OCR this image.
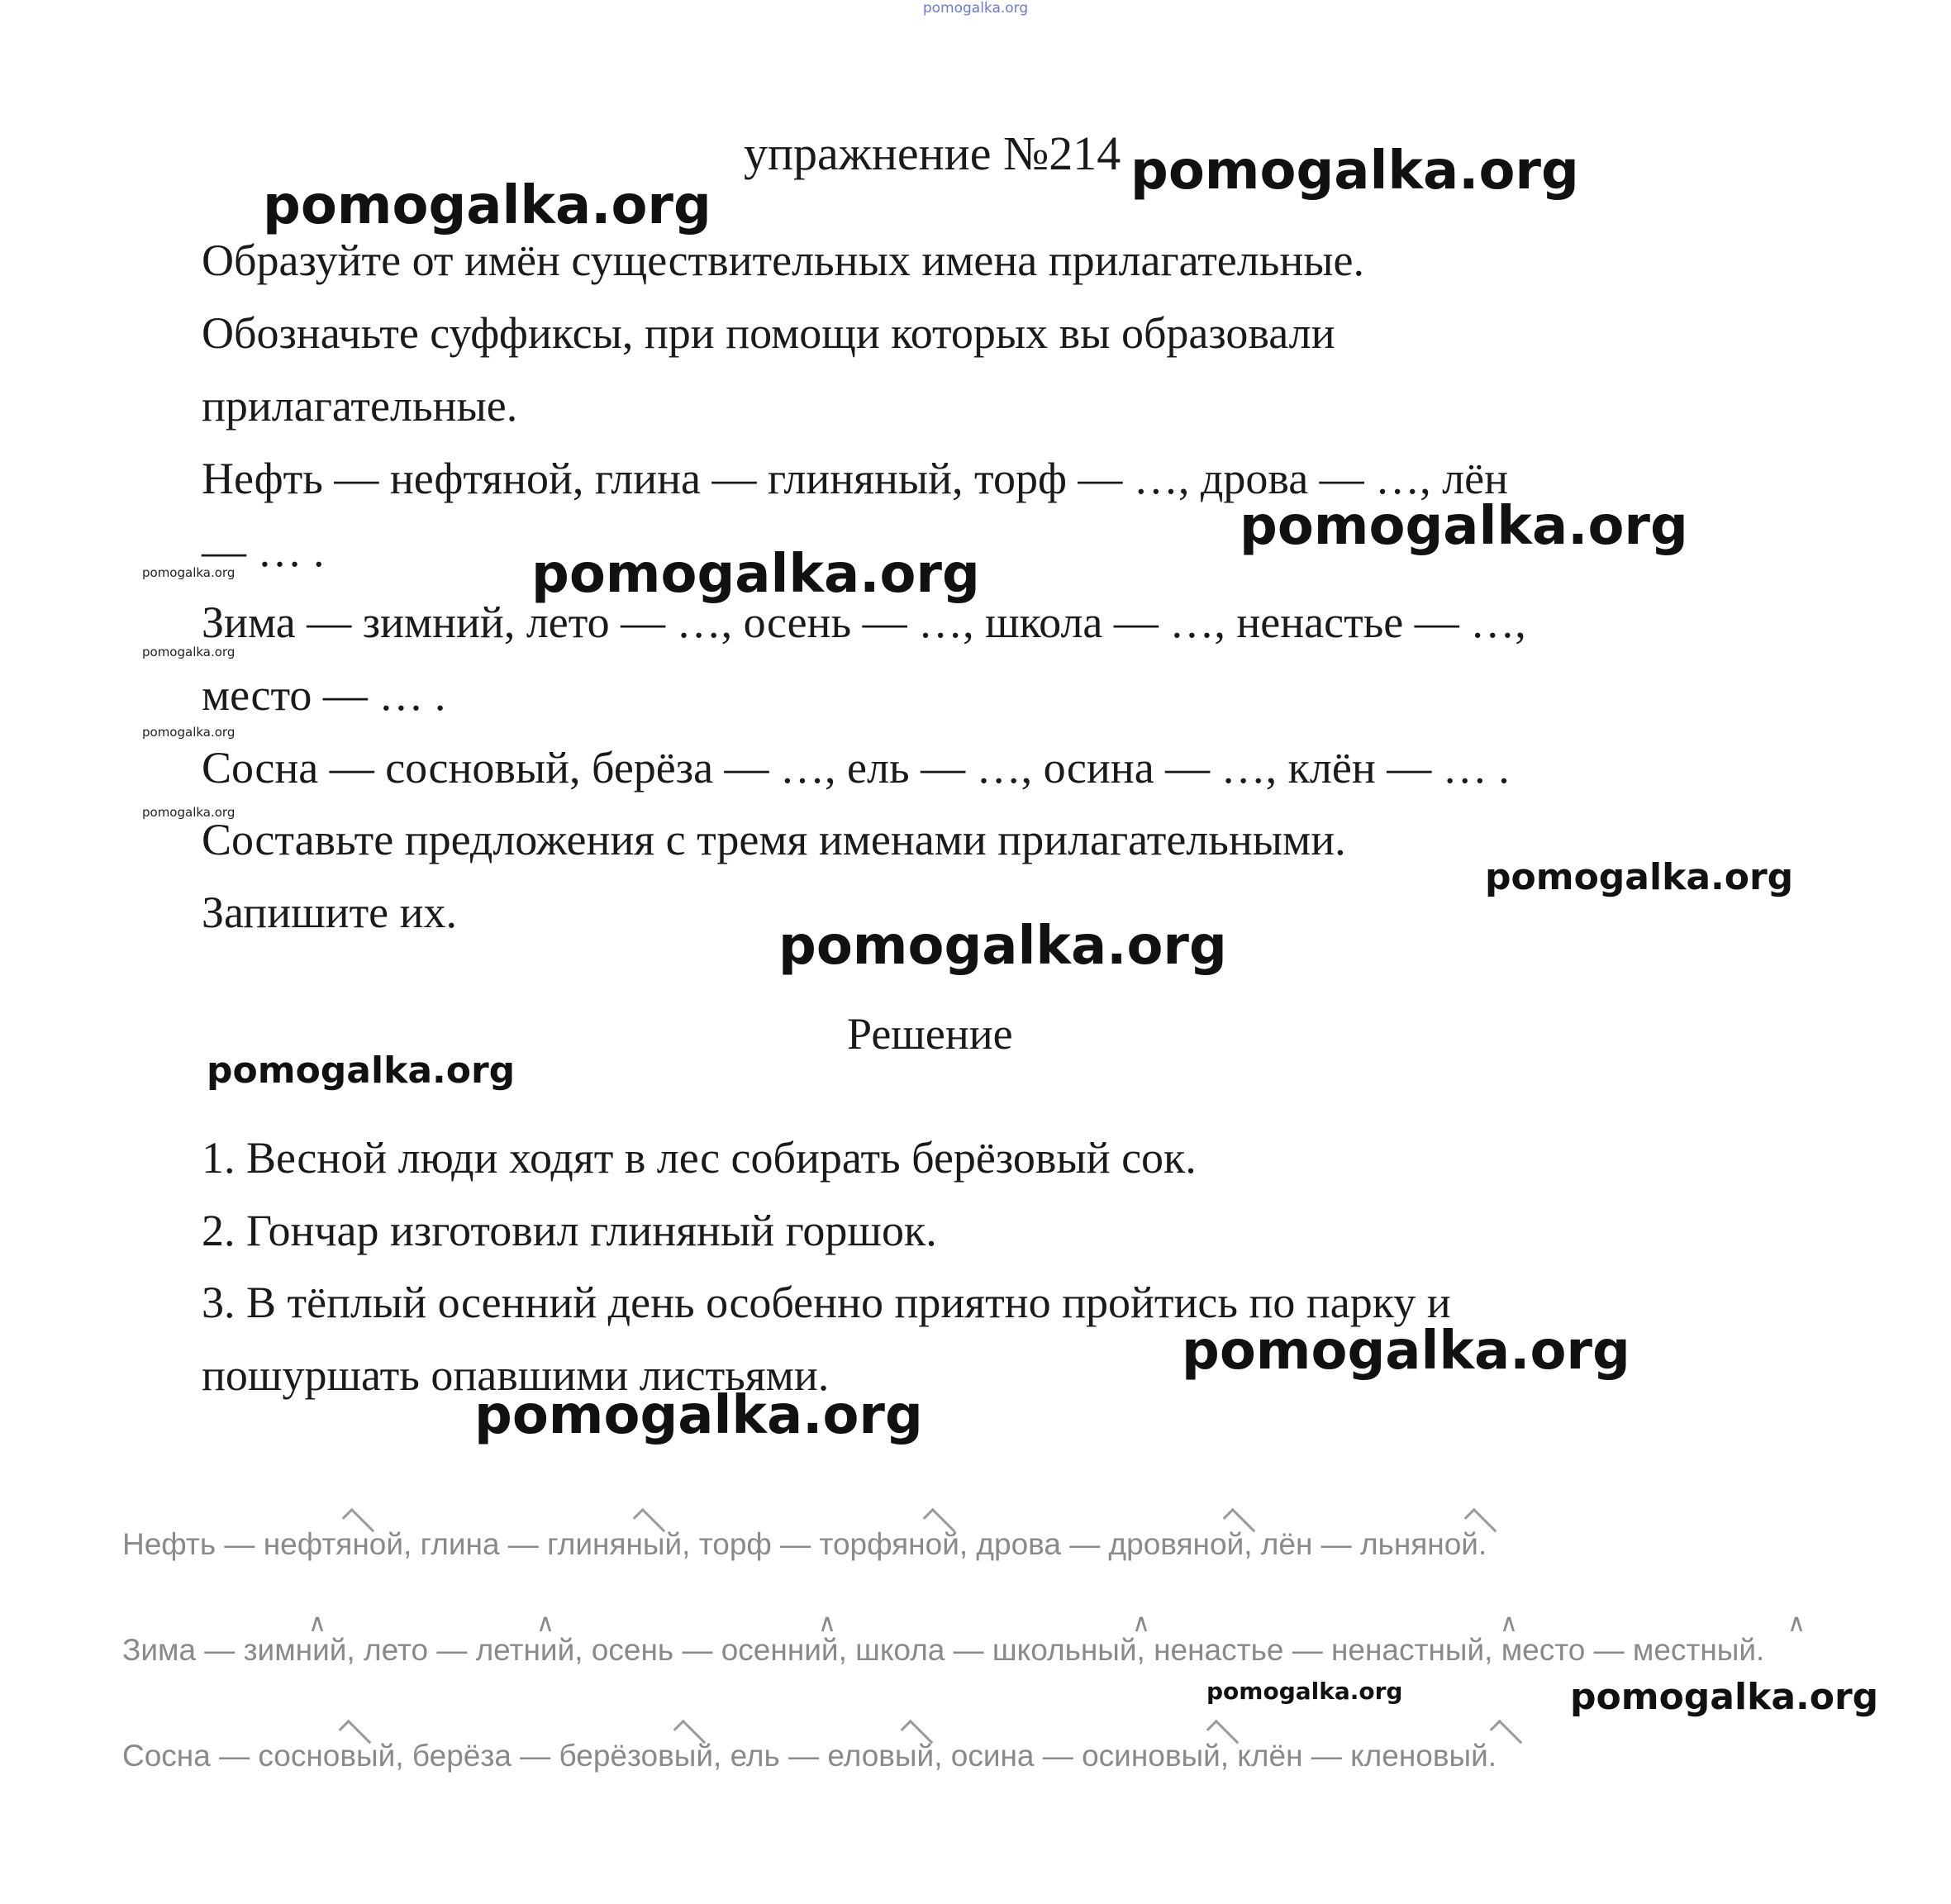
pomogalka.org
упражнение №214
Образуйте от имён существительных имена прилагательные.
Обозначьте суффиксы, при помощи которых вы образовали
прилагательные.
Нефть — нефтяной, глина — глиняный, торф — …, дрова — …, лён
— … .
Зима — зимний, лето — …, осень — …, школа — …, ненастье — …,
место — … .
Сосна — сосновый, берёза — …, ель — …, осина — …, клён — … .
Составьте предложения с тремя именами прилагательными.
Запишите их.
Решение
1. Весной люди ходят в лес собирать берёзовый сок.
2. Гончар изготовил глиняный горшок.
3. В тёплый осенний день особенно приятно пройтись по парку и
пошуршать опавшими листьями.
pomogalka.org
pomogalka.org
pomogalka.org
pomogalka.org
pomogalka.org
pomogalka.org
pomogalka.org
pomogalka.org
pomogalka.org
pomogalka.org	pomogalka.org
pomogalka.org
pomogalka.org
pomogalka.org
pomogalka.org
Нефть — нефтяной, глина — глиняный, торф — торфяной, дрова — дровяной, лён — льняной.
Зима — зимний, лето — летний, осень — осенний, школа — школьный, ненастье — ненастный, место — местный.
Сосна — сосновый, берёза — берёзовый, ель — еловый, осина — осиновый, клён — кленовый.
∧	∧	∧	∧	∧	∧
